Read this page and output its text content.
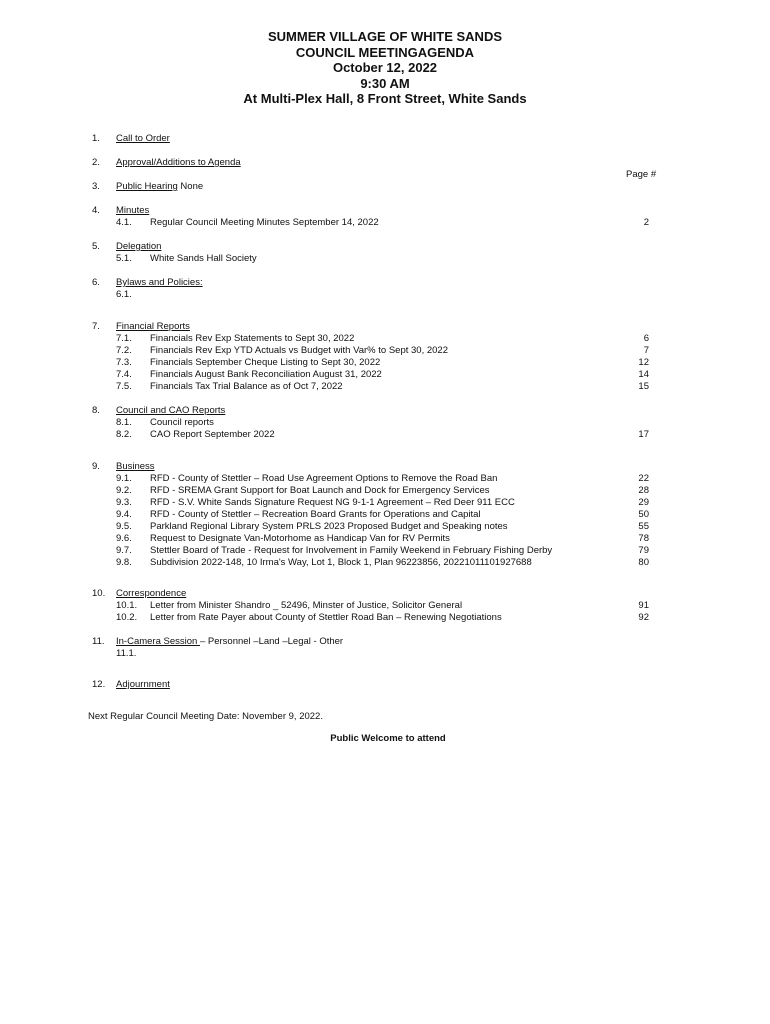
SUMMER VILLAGE OF WHITE SANDS
COUNCIL MEETINGAGENDA
October 12, 2022
9:30 AM
At Multi-Plex Hall, 8 Front Street, White Sands
Page #
1. Call to Order
2. Approval/Additions to Agenda
3. Public Hearing None
4. Minutes
4.1. Regular Council Meeting Minutes September 14, 2022	2
5. Delegation
5.1. White Sands Hall Society
6. Bylaws and Policies:
6.1.
7. Financial Reports
7.1. Financials Rev Exp Statements to Sept 30, 2022	6
7.2. Financials Rev Exp YTD Actuals vs Budget with Var% to Sept 30, 2022	7
7.3. Financials September Cheque Listing to Sept 30, 2022	12
7.4. Financials August Bank Reconciliation August 31, 2022	14
7.5. Financials Tax Trial Balance as of Oct 7, 2022	15
8. Council and CAO Reports
8.1. Council reports
8.2. CAO Report September 2022	17
9. Business
9.1. RFD - County of Stettler – Road Use Agreement Options to Remove the Road Ban	22
9.2. RFD - SREMA Grant Support for Boat Launch and Dock for Emergency Services	28
9.3. RFD - S.V. White Sands Signature Request NG 9-1-1 Agreement – Red Deer 911 ECC	29
9.4. RFD - County of Stettler – Recreation Board Grants for Operations and Capital	50
9.5. Parkland Regional Library System PRLS 2023 Proposed Budget and Speaking notes	55
9.6. Request to Designate Van-Motorhome as Handicap Van for RV Permits	78
9.7. Stettler Board of Trade - Request for Involvement in Family Weekend in February Fishing Derby	79
9.8. Subdivision 2022-148, 10 Irma's Way, Lot 1, Block 1, Plan 96223856, 20221011101927688	80
10. Correspondence
10.1. Letter from Minister Shandro _ 52496, Minster of Justice, Solicitor General	91
10.2. Letter from Rate Payer about County of Stettler Road Ban – Renewing Negotiations	92
11. In-Camera Session – Personnel –Land –Legal - Other
11.1.
12. Adjournment
Next Regular Council Meeting Date: November 9, 2022.
Public Welcome to attend
